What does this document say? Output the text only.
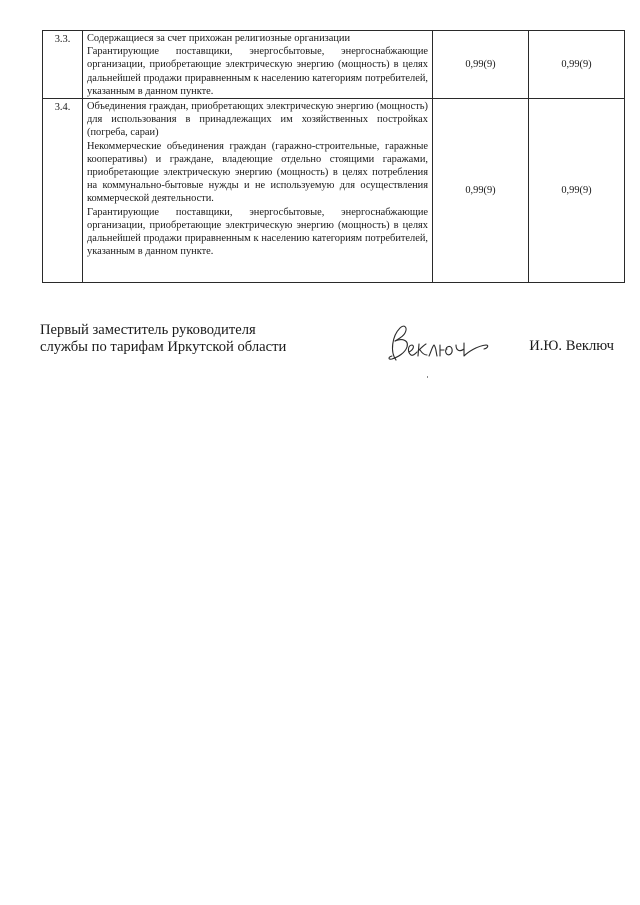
3.3.	Содержащиеся за счет прихожан религиозные организации

Гарантирующие поставщики, энергосбытовые, энергоснабжающие организации, приобретающие электрическую энергию (мощность) в целях дальнейшей продажи приравненным к населению категориям потребителей, указанным в данном пункте.	0,99(9)	0,99(9)
3.4.	Объединения граждан, приобретающих электрическую энергию (мощность) для использования в принадлежащих им хозяйственных постройках (погреба, сараи)

Некоммерческие объединения граждан (гаражно-строительные, гаражные кооперативы) и граждане, владеющие отдельно стоящими гаражами, приобретающие электрическую энергию (мощность) в целях потребления на коммунально-бытовые нужды и не используемую для осуществления коммерческой деятельности.

Гарантирующие поставщики, энергосбытовые, энергоснабжающие организации, приобретающие электрическую энергию (мощность) в целях дальнейшей продажи приравненным к населению категориям потребителей, указанным в данном пункте.	0,99(9)	0,99(9)
Первый заместитель руководителя
службы по тарифам Иркутской области	И.Ю. Веключ
